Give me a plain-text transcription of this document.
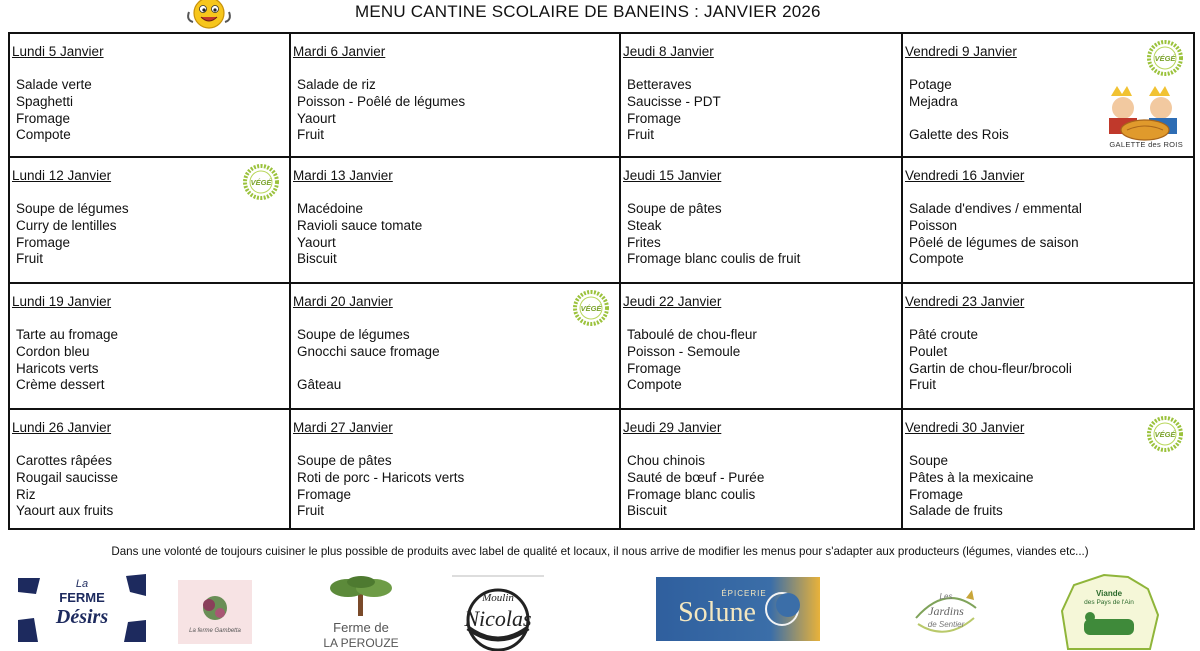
MENU CANTINE SCOLAIRE DE BANEINS : JANVIER 2026
Lundi 5 Janvier
Salade verte
Spaghetti
Fromage
Compote
Mardi 6 Janvier
Salade de riz
Poisson - Poêlé de légumes
Yaourt
Fruit
Jeudi 8 Janvier
Betteraves
Saucisse - PDT
Fromage
Fruit
Vendredi 9 Janvier
Potage
Mejadra
Galette des Rois
VÉGÉ
GALETTE des ROIS
Lundi 12 Janvier
Soupe de légumes
Curry de lentilles
Fromage
Fruit
VÉGÉ Mardi 13 Janvier
Macédoine
Ravioli sauce tomate
Yaourt
Biscuit
Jeudi 15 Janvier
Soupe de pâtes
Steak
Frites
Fromage blanc coulis de fruit
Vendredi 16 Janvier
Salade d'endives / emmental
Poisson
Pôelé de légumes de saison
Compote
Lundi 19 Janvier
Tarte au fromage
Cordon bleu
Haricots verts
Crème dessert
Mardi 20 Janvier
Soupe de légumes
Gnocchi sauce fromage
Gâteau
VÉGÉ Jeudi 22 Janvier
Taboulé de chou-fleur
Poisson - Semoule
Fromage
Compote
Vendredi 23 Janvier
Pâté croute
Poulet
Gartin de chou-fleur/brocoli
Fruit
Lundi 26 Janvier
Carottes râpées
Rougail saucisse
Riz
Yaourt aux fruits
Mardi 27 Janvier
Soupe de pâtes
Roti de porc - Haricots verts
Fromage
Fruit
Jeudi 29 Janvier
Chou chinois
Sauté de bœuf - Purée
Fromage blanc coulis
Biscuit
Vendredi 30 Janvier
Soupe
Pâtes à la mexicaine
Fromage
Salade de fruits
VÉGÉ
Dans une volonté de toujours cuisiner le plus possible de produits avec label de qualité et locaux, il nous arrive de modifier les menus pour s'adapter aux producteurs (légumes, viandes etc...)
La
FERME
Désirs
La ferme Gambetta	Ferme de
LA PEROUZE
Moulin
Nicolas
ÉPICERIE
Solune
Les
Jardins
de Sentier
Viande
des Pays de l'Ain
